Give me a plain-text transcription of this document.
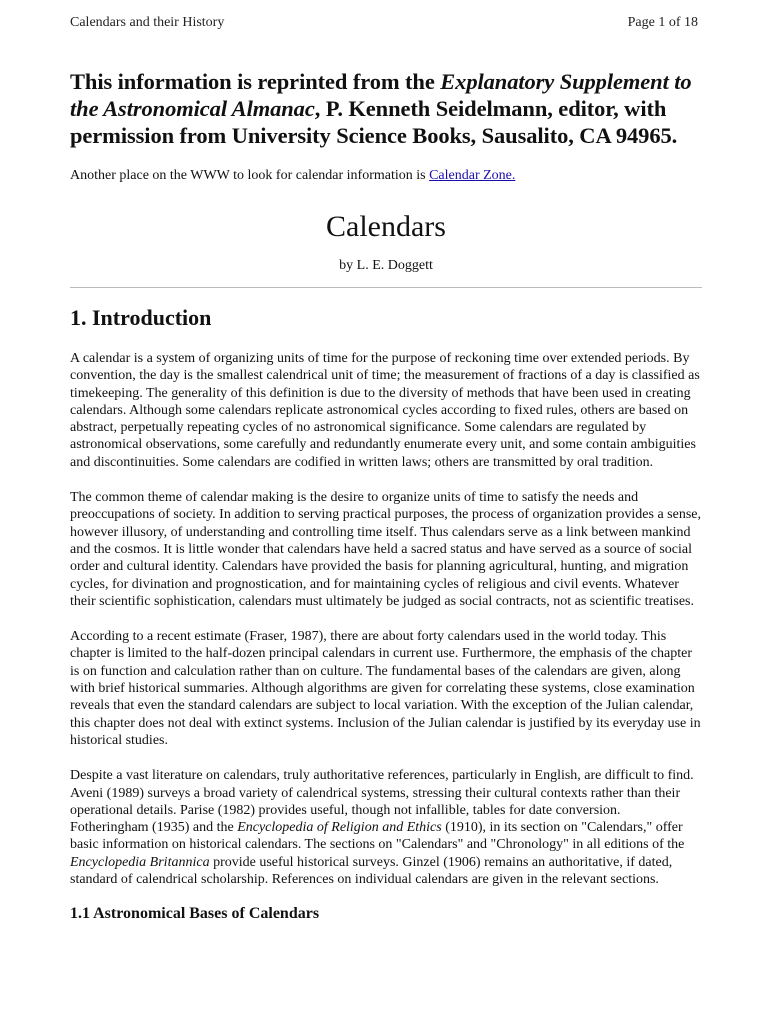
Calendars and their History	Page 1 of 18
This information is reprinted from the Explanatory Supplement to the Astronomical Almanac, P. Kenneth Seidelmann, editor, with permission from University Science Books, Sausalito, CA 94965.
Another place on the WWW to look for calendar information is Calendar Zone.
Calendars
by L. E. Doggett
1. Introduction

A calendar is a system of organizing units of time for the purpose of reckoning time over extended periods. By convention, the day is the smallest calendrical unit of time; the measurement of fractions of a day is classified as timekeeping. The generality of this definition is due to the diversity of methods that have been used in creating calendars. Although some calendars replicate astronomical cycles according to fixed rules, others are based on abstract, perpetually repeating cycles of no astronomical significance. Some calendars are regulated by astronomical observations, some carefully and redundantly enumerate every unit, and some contain ambiguities and discontinuities. Some calendars are codified in written laws; others are transmitted by oral tradition.

The common theme of calendar making is the desire to organize units of time to satisfy the needs and preoccupations of society. In addition to serving practical purposes, the process of organization provides a sense, however illusory, of understanding and controlling time itself. Thus calendars serve as a link between mankind and the cosmos. It is little wonder that calendars have held a sacred status and have served as a source of social order and cultural identity. Calendars have provided the basis for planning agricultural, hunting, and migration cycles, for divination and prognostication, and for maintaining cycles of religious and civil events. Whatever their scientific sophistication, calendars must ultimately be judged as social contracts, not as scientific treatises.

According to a recent estimate (Fraser, 1987), there are about forty calendars used in the world today. This chapter is limited to the half-dozen principal calendars in current use. Furthermore, the emphasis of the chapter is on function and calculation rather than on culture. The fundamental bases of the calendars are given, along with brief historical summaries. Although algorithms are given for correlating these systems, close examination reveals that even the standard calendars are subject to local variation. With the exception of the Julian calendar, this chapter does not deal with extinct systems. Inclusion of the Julian calendar is justified by its everyday use in historical studies.

Despite a vast literature on calendars, truly authoritative references, particularly in English, are difficult to find. Aveni (1989) surveys a broad variety of calendrical systems, stressing their cultural contexts rather than their operational details. Parise (1982) provides useful, though not infallible, tables for date conversion. Fotheringham (1935) and the Encyclopedia of Religion and Ethics (1910), in its section on "Calendars," offer basic information on historical calendars. The sections on "Calendars" and "Chronology" in all editions of the Encyclopedia Britannica provide useful historical surveys. Ginzel (1906) remains an authoritative, if dated, standard of calendrical scholarship. References on individual calendars are given in the relevant sections.

1.1 Astronomical Bases of Calendars
